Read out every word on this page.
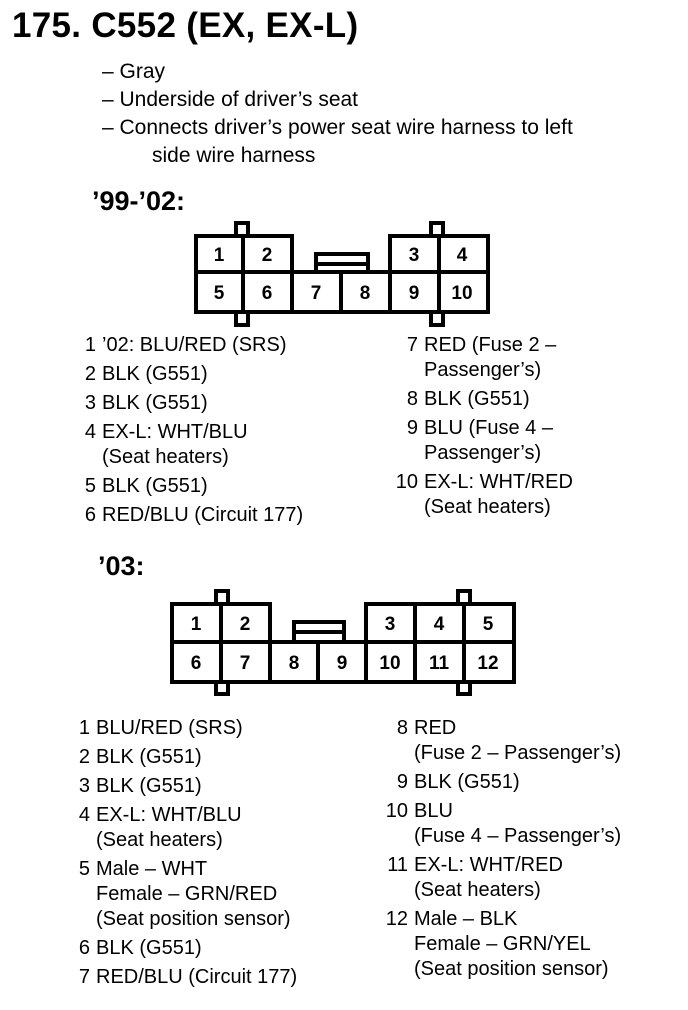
175. C552 (EX, EX-L)
– Gray
– Underside of driver’s seat
– Connects driver’s power seat wire harness to left
side wire harness
’99-’02:
1 2	3 4
5 6 7 8 9 10
1 ’02: BLU/RED (SRS)
2 BLK (G551)
3 BLK (G551)
4 EX-L: WHT/BLU
(Seat heaters)
5 BLK (G551)
6 RED/BLU (Circuit 177)
7 RED (Fuse 2 –
Passenger’s)
8 BLK (G551)
9 BLU (Fuse 4 –
Passenger’s)
10 EX-L: WHT/RED
(Seat heaters)
’03:
1 2	3 4 5
6 7 8 9 10 11 12
1 BLU/RED (SRS)
2 BLK (G551)
3 BLK (G551)
4 EX-L: WHT/BLU
(Seat heaters)
5 Male – WHT
Female – GRN/RED
(Seat position sensor)
6 BLK (G551)
7 RED/BLU (Circuit 177)
8 RED
(Fuse 2 – Passenger’s)
9 BLK (G551)
10 BLU
(Fuse 4 – Passenger’s)
11 EX-L: WHT/RED
(Seat heaters)
12 Male – BLK
Female – GRN/YEL
(Seat position sensor)
